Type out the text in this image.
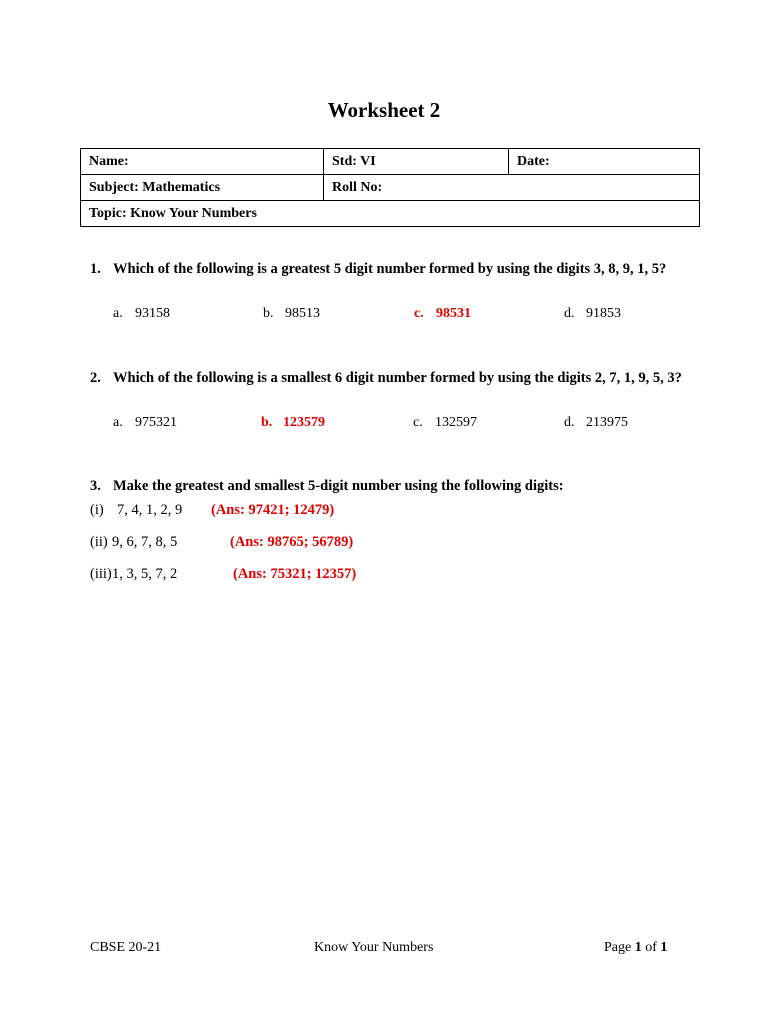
Worksheet 2
Name:	Std: VI	Date:
Subject: Mathematics	Roll No:	
Topic: Know Your Numbers		
1. Which of the following is a greatest 5 digit number formed by using the digits 3, 8, 9, 1, 5?
a. 93158	b. 98513	c. 98531	d. 91853
2. Which of the following is a smallest 6 digit number formed by using the digits 2, 7, 1, 9, 5, 3?
a. 975321	b. 123579	c. 132597	d. 213975
3. Make the greatest and smallest 5-digit number using the following digits:
(i) 7, 4, 1, 2, 9 (Ans: 97421; 12479)
(ii) 9, 6, 7, 8, 5	(Ans: 98765; 56789)
(iii) 1, 3, 5, 7, 2	(Ans: 75321; 12357)
CBSE 20-21	Know Your Numbers	Page 1 of 1
